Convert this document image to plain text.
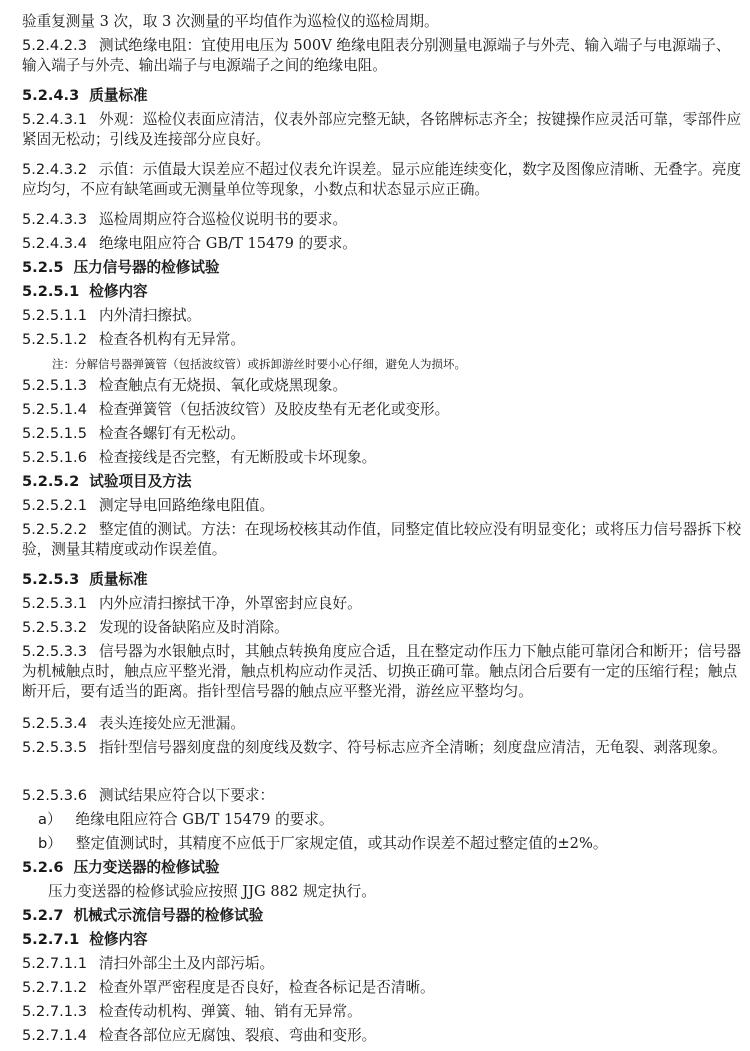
验重复测量 3 次，取 3 次测量的平均值作为巡检仪的巡检周期。
5.2.4.2.3 测试绝缘电阻：宜使用电压为 500V 绝缘电阻表分别测量电源端子与外壳、输入端子与电源端子、输入端子与外壳、输出端子与电源端子之间的绝缘电阻。
5.2.4.3 质量标准
5.2.4.3.1 外观：巡检仪表面应清洁，仪表外部应完整无缺，各铭牌标志齐全；按键操作应灵活可靠，零部件应紧固无松动；引线及连接部分应良好。
5.2.4.3.2 示值：示值最大误差应不超过仪表允许误差。显示应能连续变化，数字及图像应清晰、无叠字。亮度应均匀，不应有缺笔画或无测量单位等现象，小数点和状态显示应正确。
5.2.4.3.3 巡检周期应符合巡检仪说明书的要求。
5.2.4.3.4 绝缘电阻应符合 GB/T 15479 的要求。
5.2.5 压力信号器的检修试验
5.2.5.1 检修内容
5.2.5.1.1 内外清扫擦拭。
5.2.5.1.2 检查各机构有无异常。
注：分解信号器弹簧管（包括波纹管）或拆卸游丝时要小心仔细，避免人为损坏。
5.2.5.1.3 检查触点有无烧损、氧化或烧黑现象。
5.2.5.1.4 检查弹簧管（包括波纹管）及胶皮垫有无老化或变形。
5.2.5.1.5 检查各螺钉有无松动。
5.2.5.1.6 检查接线是否完整，有无断股或卡坏现象。
5.2.5.2 试验项目及方法
5.2.5.2.1 测定导电回路绝缘电阻值。
5.2.5.2.2 整定值的测试。方法：在现场校核其动作值，同整定值比较应没有明显变化；或将压力信号器拆下校验，测量其精度或动作误差值。
5.2.5.3 质量标准
5.2.5.3.1 内外应清扫擦拭干净，外罩密封应良好。
5.2.5.3.2 发现的设备缺陷应及时消除。
5.2.5.3.3 信号器为水银触点时，其触点转换角度应合适，且在整定动作压力下触点能可靠闭合和断开；信号器为机械触点时，触点应平整光滑，触点机构应动作灵活、切换正确可靠。触点闭合后要有一定的压缩行程；触点断开后，要有适当的距离。指针型信号器的触点应平整光滑，游丝应平整均匀。
5.2.5.3.4 表头连接处应无泄漏。
5.2.5.3.5 指针型信号器刻度盘的刻度线及数字、符号标志应齐全清晰；刻度盘应清洁，无龟裂、剥落现象。
5.2.5.3.6 测试结果应符合以下要求：
a） 绝缘电阻应符合 GB/T 15479 的要求。
b） 整定值测试时，其精度不应低于厂家规定值，或其动作误差不超过整定值的±2%。
5.2.6 压力变送器的检修试验
压力变送器的检修试验应按照 JJG 882 规定执行。
5.2.7 机械式示流信号器的检修试验
5.2.7.1 检修内容
5.2.7.1.1 清扫外部尘土及内部污垢。
5.2.7.1.2 检查外罩严密程度是否良好，检查各标记是否清晰。
5.2.7.1.3 检查传动机构、弹簧、轴、销有无异常。
5.2.7.1.4 检查各部位应无腐蚀、裂痕、弯曲和变形。
